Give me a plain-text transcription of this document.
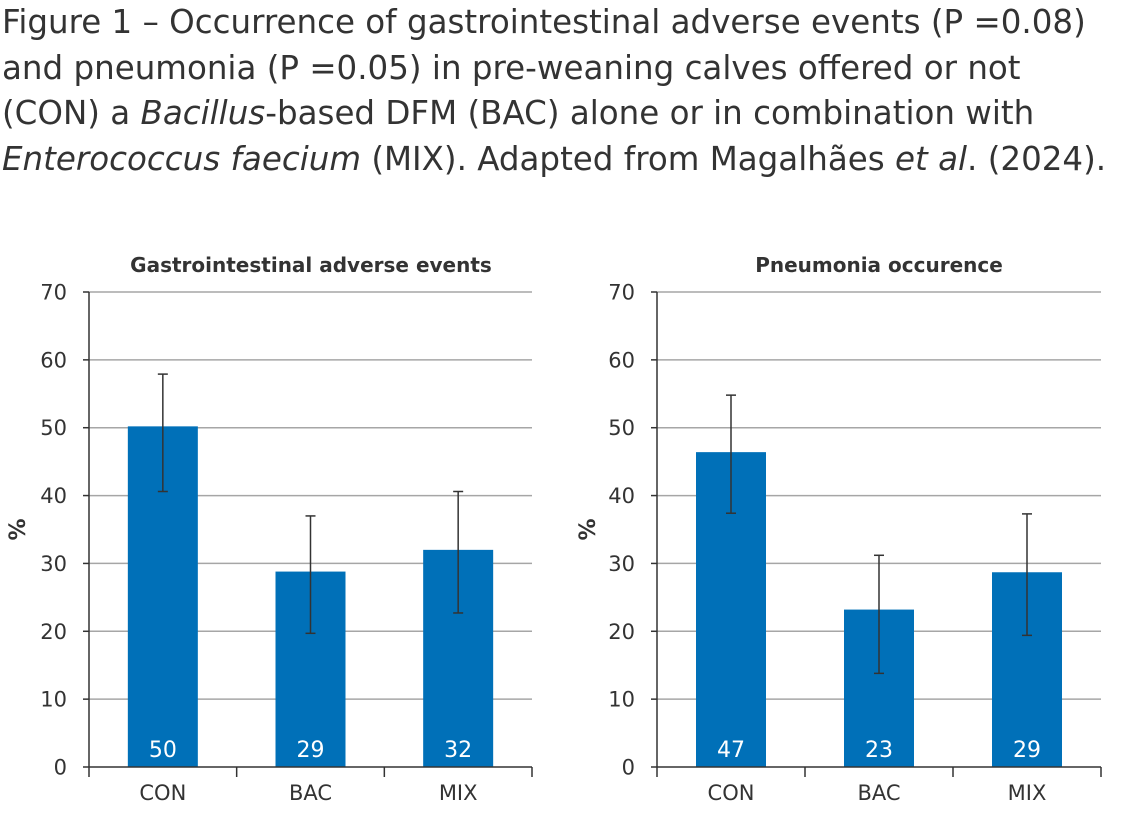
Figure 1 – Occurrence of gastrointestinal adverse events (P =0.08) and pneumonia (P =0.05) in pre-weaning calves offered or not (CON) a Bacillus-based DFM (BAC) alone or in combination with Enterococcus faecium (MIX). Adapted from Magalhães et al. (2024).
Gastrointestinal adverse events
0
10
20
30
40
50
60
70
%
50
CON
29
BAC
32
MIX
Pneumonia occurence
0
10
20
30
40
50
60
70
%
47
CON
23
BAC
29
MIX
